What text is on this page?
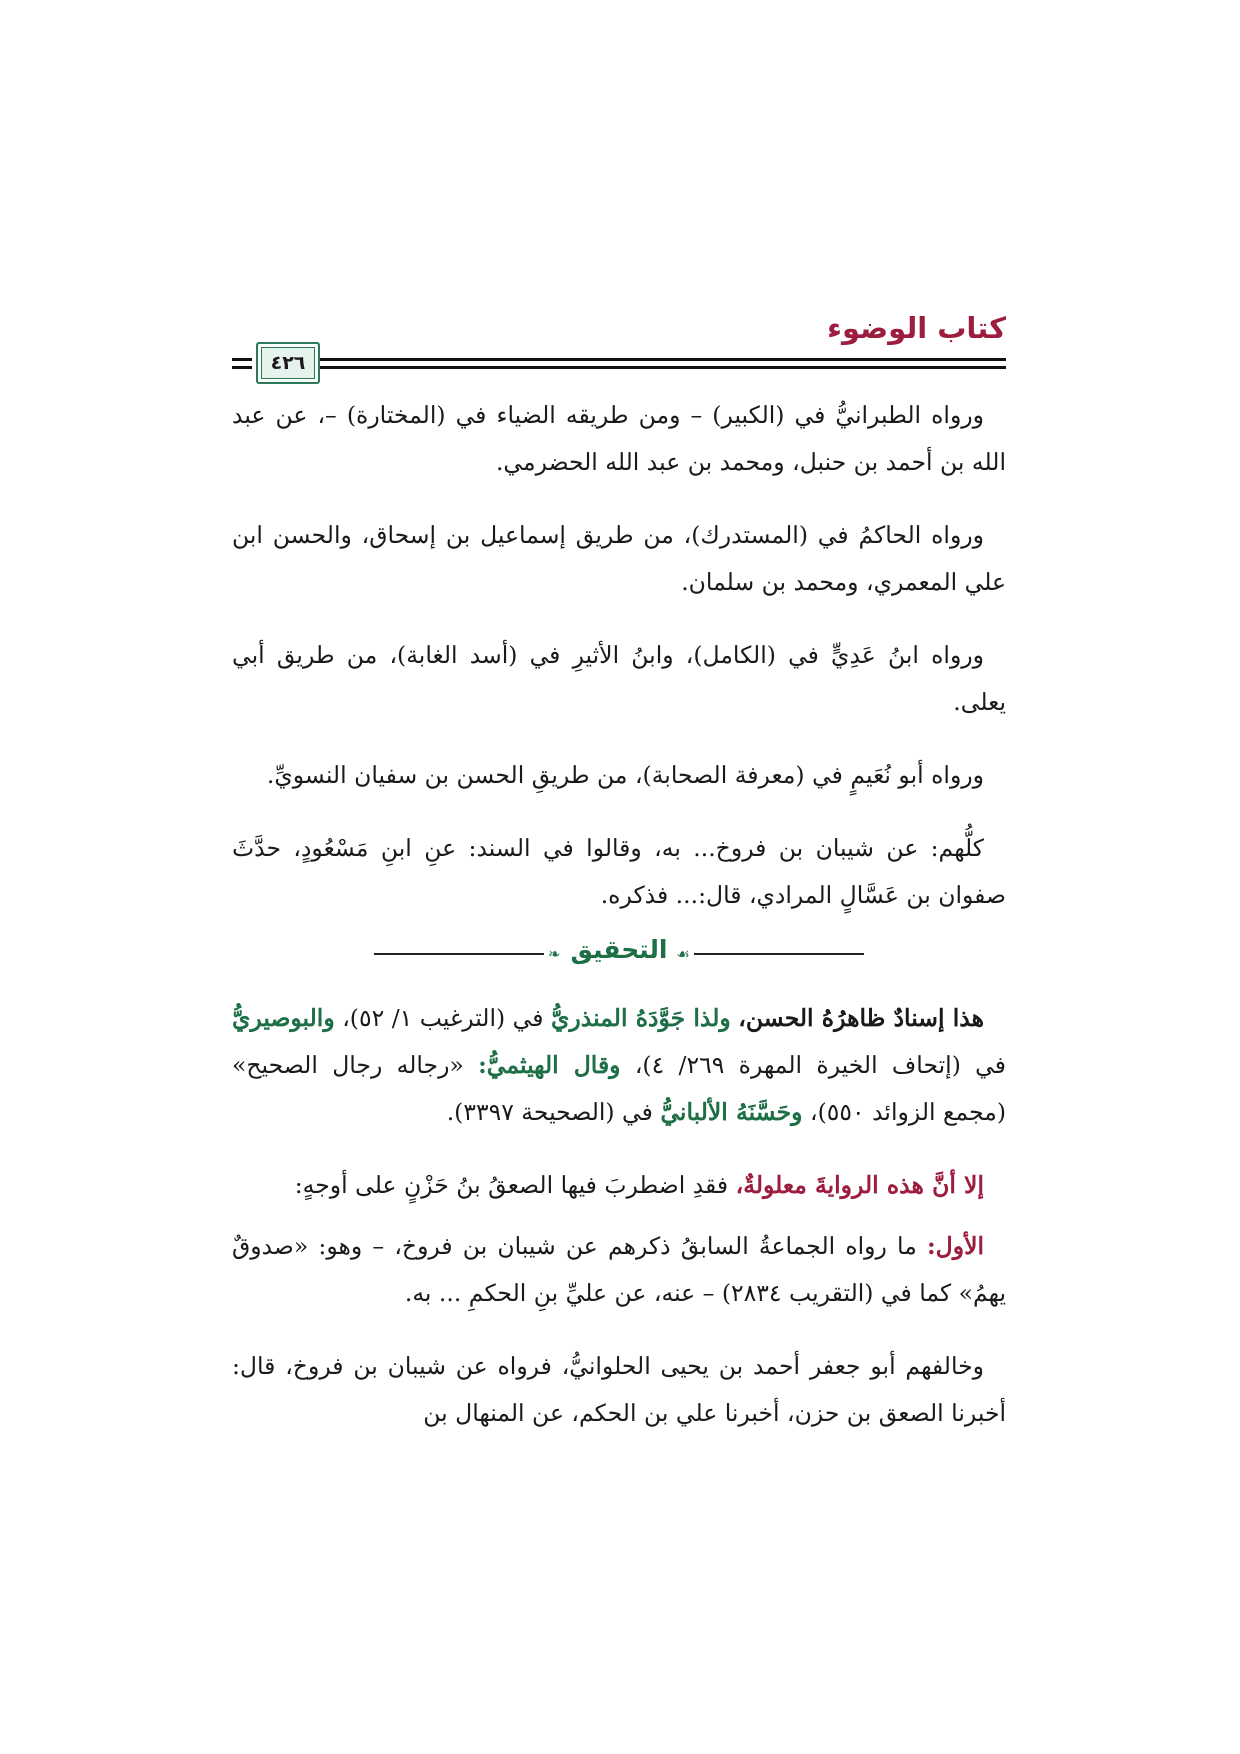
كتاب الوضوء
٤٢٦

ورواه الطبرانيُّ في (الكبير) – ومن طريقه الضياء في (المختارة) –، عن عبد الله بن أحمد بن حنبل، ومحمد بن عبد الله الحضرمي.

ورواه الحاكمُ في (المستدرك)، من طريق إسماعيل بن إسحاق، والحسن ابن علي المعمري، ومحمد بن سلمان.

ورواه ابنُ عَدِيٍّ في (الكامل)، وابنُ الأثيرِ في (أسد الغابة)، من طريق أبي يعلى.

ورواه أبو نُعَيمٍ في (معرفة الصحابة)، من طريقِ الحسن بن سفيان النسويِّ.

كلُّهم: عن شيبان بن فروخ... به، وقالوا في السند: عنِ ابنِ مَسْعُودٍ، حدَّثَ صفوان بن عَسَّالٍ المرادي، قال:... فذكره.

❧	☙
التحقيق

هذا إسنادٌ ظاهرُهُ الحسن، ولذا جَوَّدَهُ المنذريُّ في (الترغيب ١/ ٥٢)، والبوصيريُّ في (إتحاف الخيرة المهرة ٢٦٩/ ٤)، وقال الهيثميُّ: «رجاله رجال الصحيح» (مجمع الزوائد ٥٥٠)، وحَسَّنَهُ الألبانيُّ في (الصحيحة ٣٣٩٧).

إلا أنَّ هذه الروايةَ معلولةٌ، فقدِ اضطربَ فيها الصعقُ بنُ حَزْنٍ على أوجهٍ:

الأول: ما رواه الجماعةُ السابقُ ذكرهم عن شيبان بن فروخ، – وهو: «صدوقٌ يهمُ» كما في (التقريب ٢٨٣٤) – عنه، عن عليِّ بنِ الحكمِ ... به.

وخالفهم أبو جعفر أحمد بن يحيى الحلوانيُّ، فرواه عن شيبان بن فروخ، قال: أخبرنا الصعق بن حزن، أخبرنا علي بن الحكم، عن المنهال بن
